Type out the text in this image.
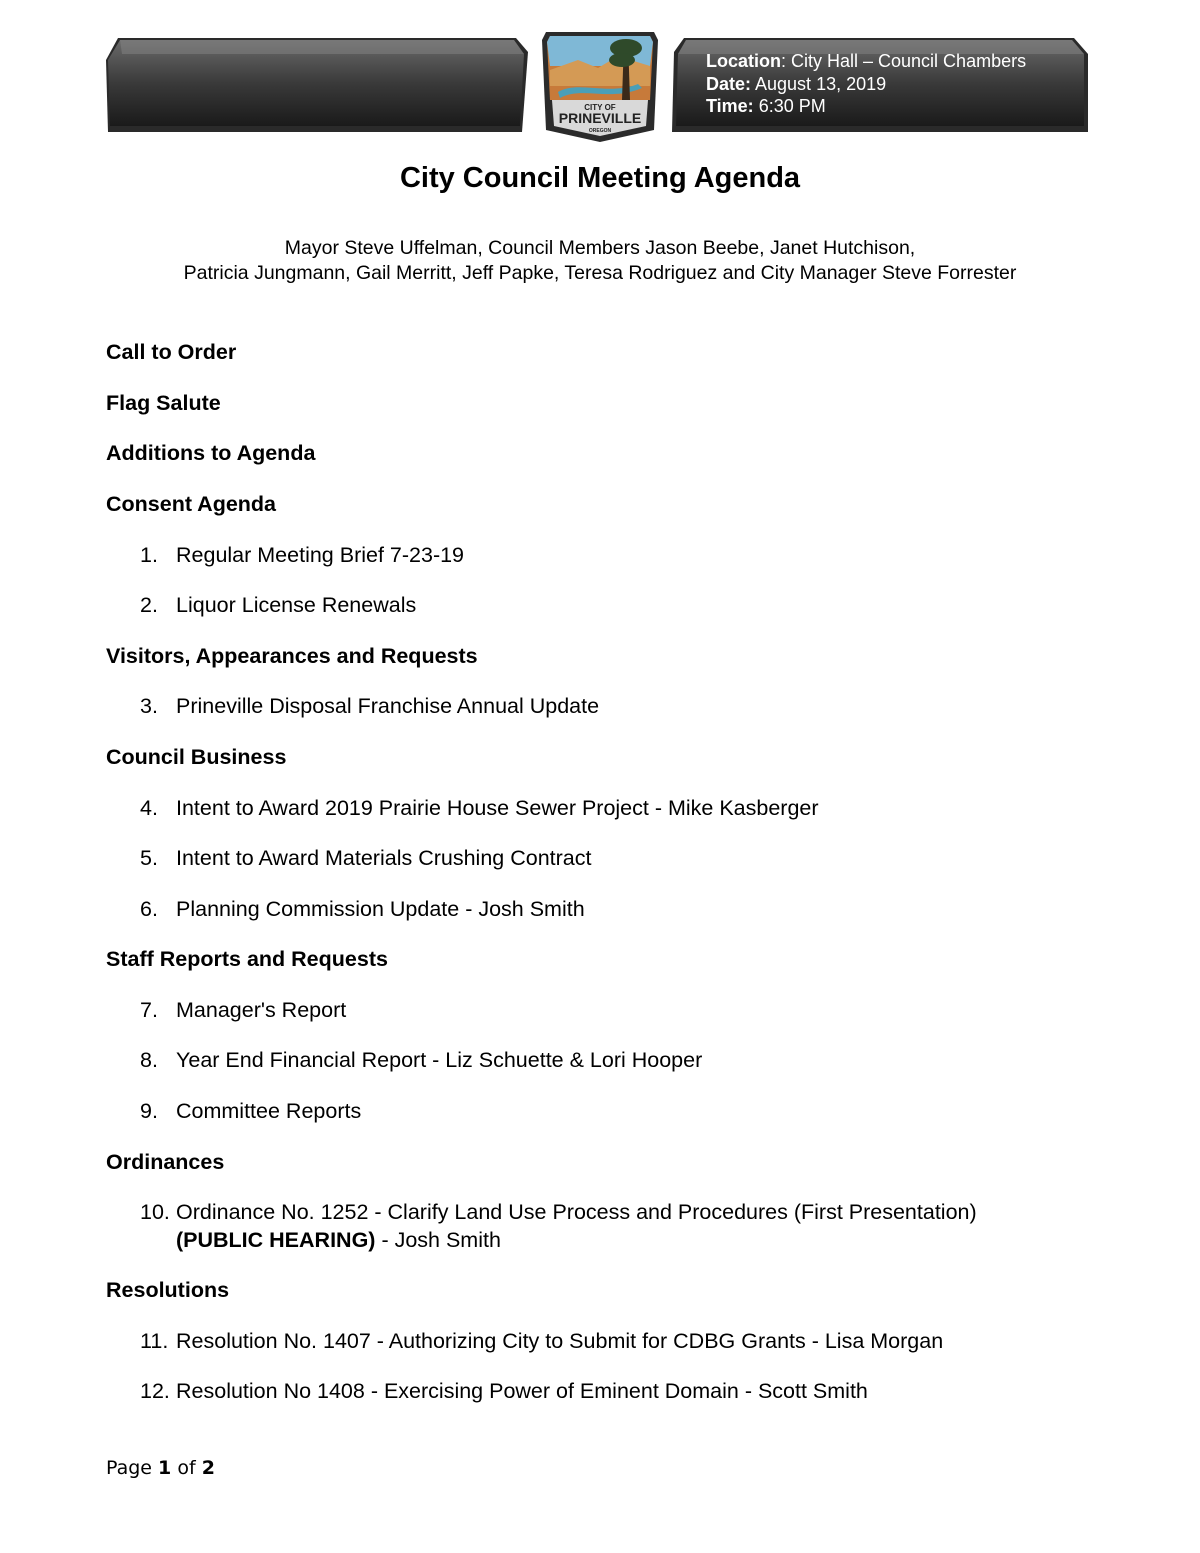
CITY OF
PRINEVILLE
OREGON
Location: City Hall – Council Chambers
Date: August 13, 2019
Time: 6:30 PM
City Council Meeting Agenda
Mayor Steve Uffelman, Council Members Jason Beebe, Janet Hutchison,
Patricia Jungmann, Gail Merritt, Jeff Papke, Teresa Rodriguez and City Manager Steve Forrester
Call to Order
Flag Salute
Additions to Agenda
Consent Agenda
1. Regular Meeting Brief 7-23-19
2. Liquor License Renewals
Visitors, Appearances and Requests
3. Prineville Disposal Franchise Annual Update
Council Business
4. Intent to Award 2019 Prairie House Sewer Project - Mike Kasberger
5. Intent to Award Materials Crushing Contract
6. Planning Commission Update - Josh Smith
Staff Reports and Requests
7. Manager's Report
8. Year End Financial Report - Liz Schuette & Lori Hooper
9. Committee Reports
Ordinances
10. Ordinance No. 1252 - Clarify Land Use Process and Procedures (First Presentation)
(PUBLIC HEARING) - Josh Smith
Resolutions
11. Resolution No. 1407 - Authorizing City to Submit for CDBG Grants - Lisa Morgan
12. Resolution No 1408 - Exercising Power of Eminent Domain - Scott Smith
Page 1 of 2
